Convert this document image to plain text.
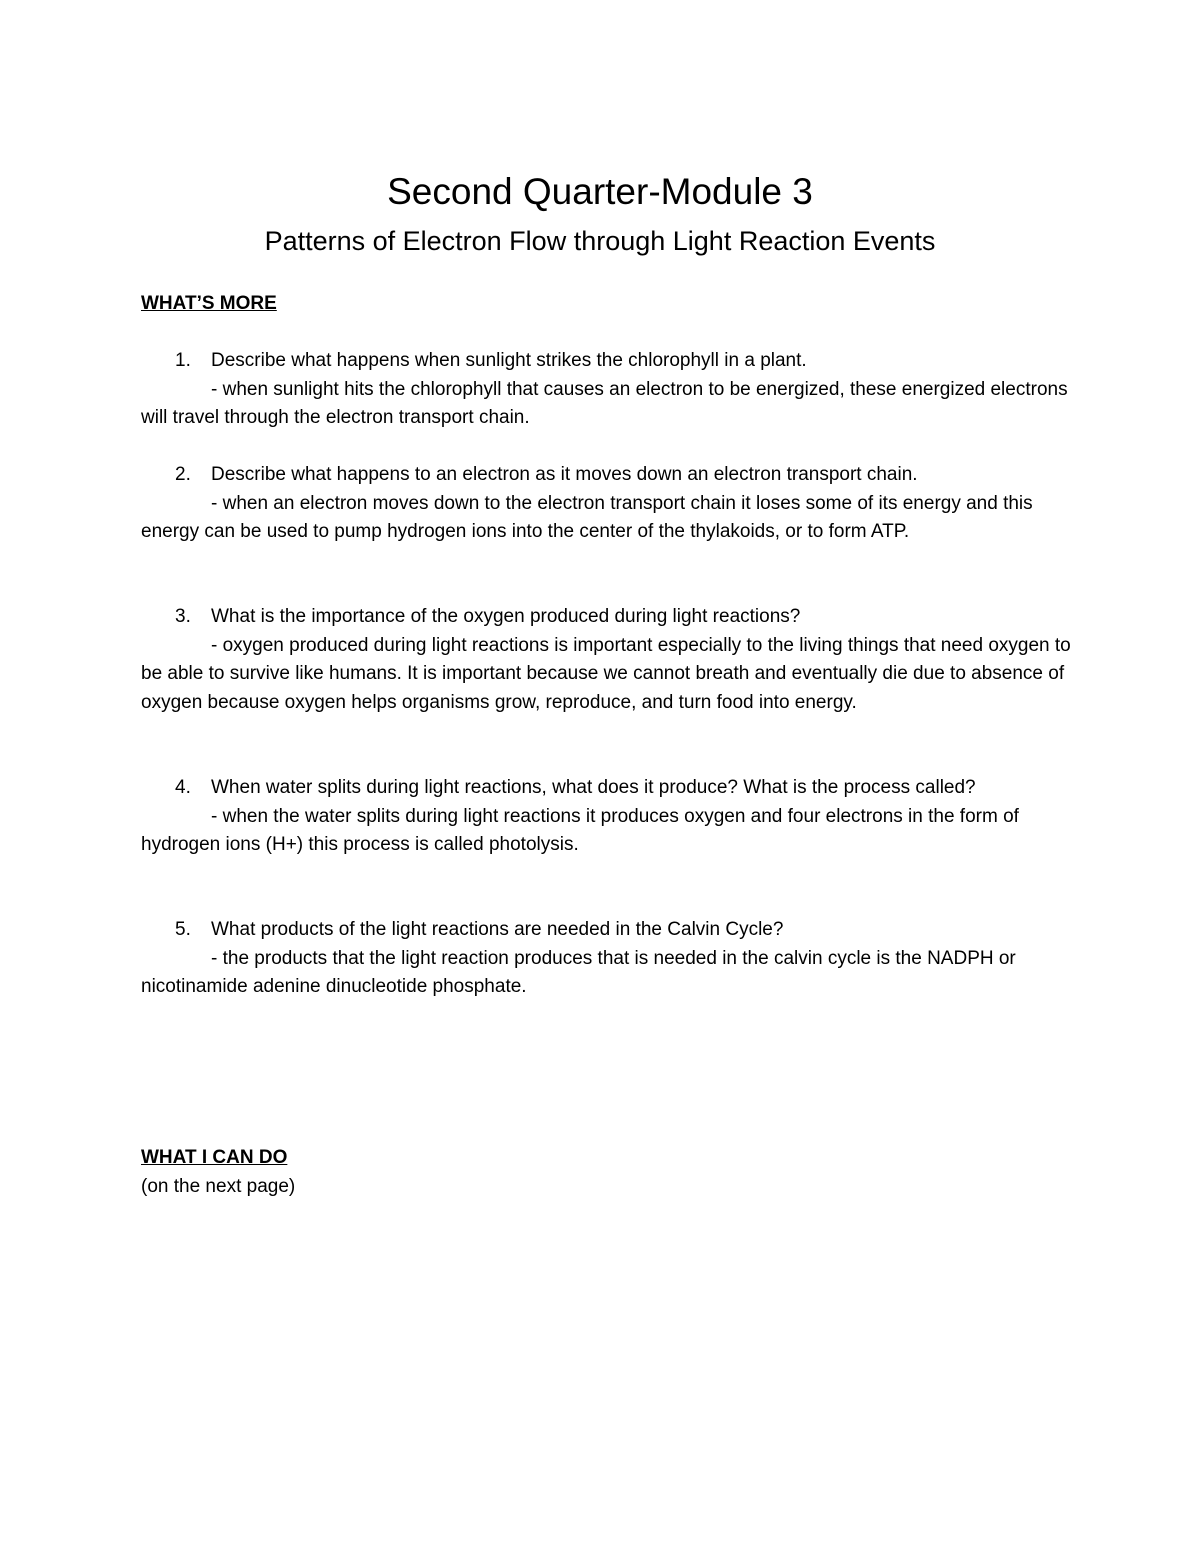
Second Quarter-Module 3
Patterns of Electron Flow through Light Reaction Events

WHAT’S MORE

1. Describe what happens when sunlight strikes the chlorophyll in a plant.

- when sunlight hits the chlorophyll that causes an electron to be energized, these energized electrons will travel through the electron transport chain.

2. Describe what happens to an electron as it moves down an electron transport chain.

- when an electron moves down to the electron transport chain it loses some of its energy and this energy can be used to pump hydrogen ions into the center of the thylakoids, or to form ATP.

3. What is the importance of the oxygen produced during light reactions?

- oxygen produced during light reactions is important especially to the living things that need oxygen to be able to survive like humans. It is important because we cannot breath and eventually die due to absence of oxygen because oxygen helps organisms grow, reproduce, and turn food into energy.

4. When water splits during light reactions, what does it produce? What is the process called?

- when the water splits during light reactions it produces oxygen and four electrons in the form of hydrogen ions (H+) this process is called photolysis.

5. What products of the light reactions are needed in the Calvin Cycle?

- the products that the light reaction produces that is needed in the calvin cycle is the NADPH or nicotinamide adenine dinucleotide phosphate.

WHAT I CAN DO

(on the next page)
